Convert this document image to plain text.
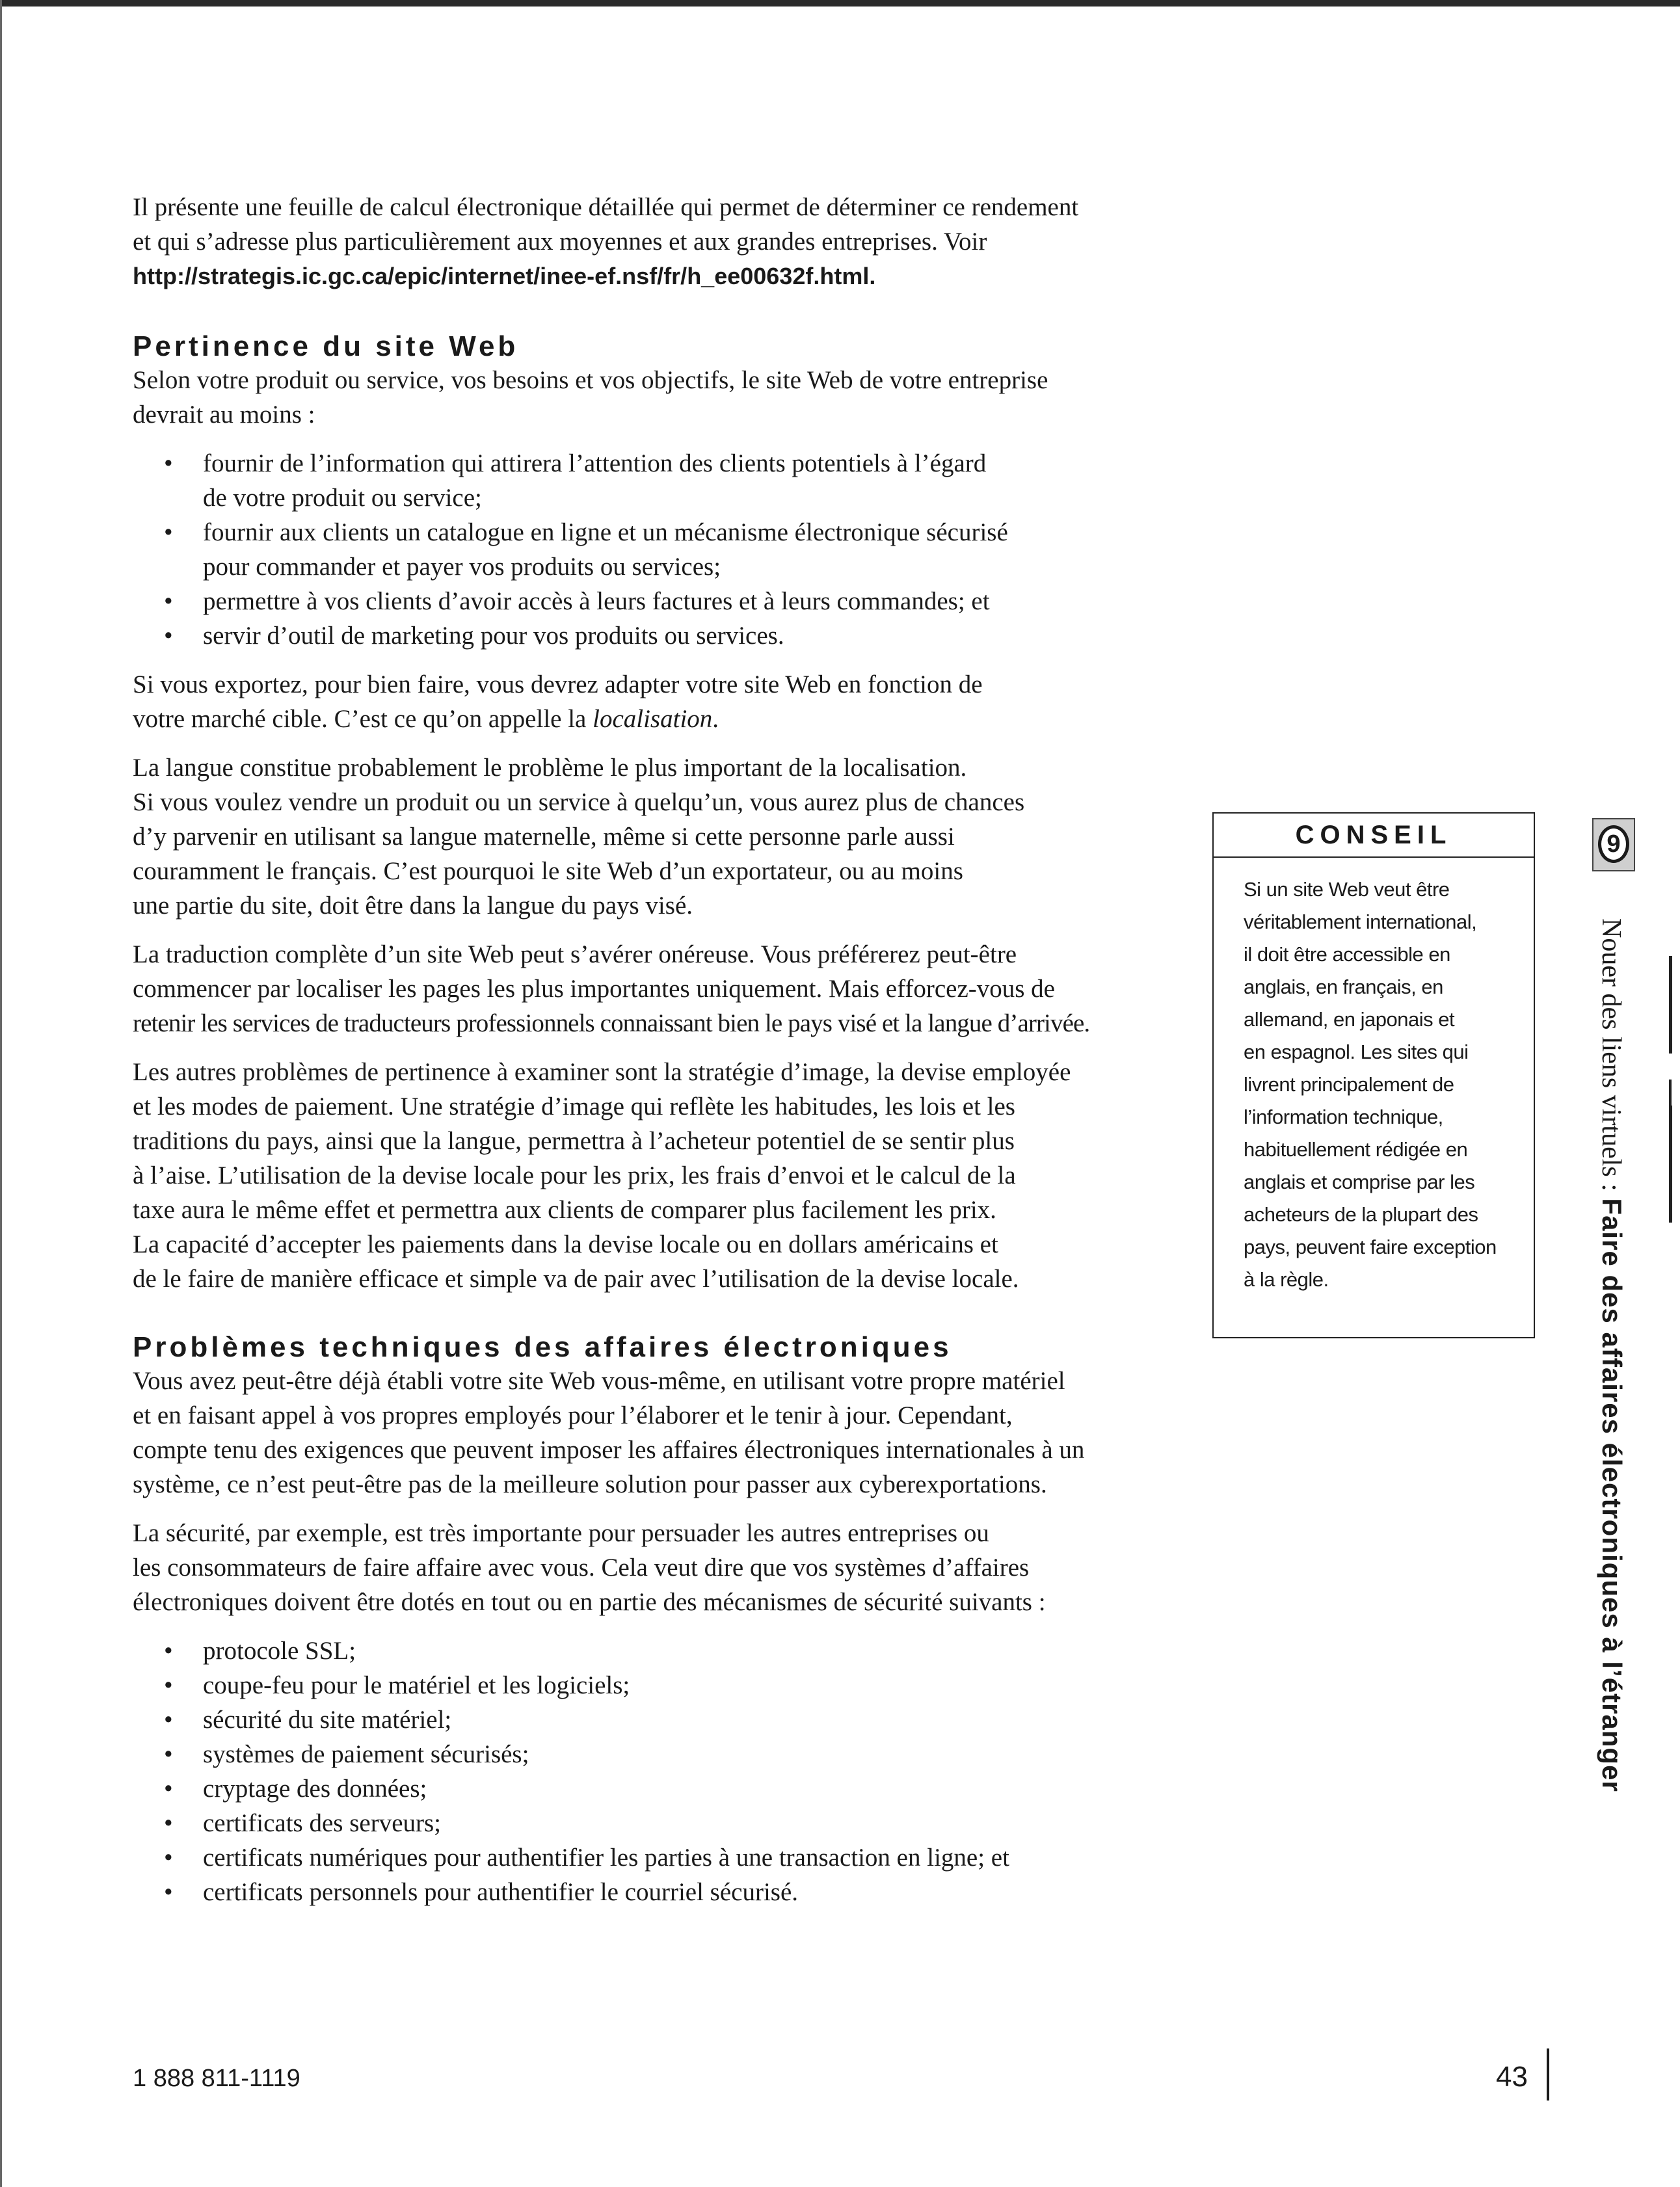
Il présente une feuille de calcul électronique détaillée qui permet de déterminer ce rendement
et qui s’adresse plus particulièrement aux moyennes et aux grandes entreprises. Voir
http://strategis.ic.gc.ca/epic/internet/inee-ef.nsf/fr/h_ee00632f.html.

Pertinence du site Web

Selon votre produit ou service, vos besoins et vos objectifs, le site Web de votre entreprise
devrait au moins :

• fournir de l’information qui attirera l’attention des clients potentiels à l’égard
de votre produit ou service;
• fournir aux clients un catalogue en ligne et un mécanisme électronique sécurisé
pour commander et payer vos produits ou services;
• permettre à vos clients d’avoir accès à leurs factures et à leurs commandes; et
• servir d’outil de marketing pour vos produits ou services.

Si vous exportez, pour bien faire, vous devrez adapter votre site Web en fonction de
votre marché cible. C’est ce qu’on appelle la localisation.

La langue constitue probablement le problème le plus important de la localisation.
Si vous voulez vendre un produit ou un service à quelqu’un, vous aurez plus de chances
d’y parvenir en utilisant sa langue maternelle, même si cette personne parle aussi
couramment le français. C’est pourquoi le site Web d’un exportateur, ou au moins
une partie du site, doit être dans la langue du pays visé.

La traduction complète d’un site Web peut s’avérer onéreuse. Vous préférerez peut-être
commencer par localiser les pages les plus importantes uniquement. Mais efforcez-vous de
retenir les services de traducteurs professionnels connaissant bien le pays visé et la langue d’arrivée.

Les autres problèmes de pertinence à examiner sont la stratégie d’image, la devise employée
et les modes de paiement. Une stratégie d’image qui reflète les habitudes, les lois et les
traditions du pays, ainsi que la langue, permettra à l’acheteur potentiel de se sentir plus
à l’aise. L’utilisation de la devise locale pour les prix, les frais d’envoi et le calcul de la
taxe aura le même effet et permettra aux clients de comparer plus facilement les prix.
La capacité d’accepter les paiements dans la devise locale ou en dollars américains et
de le faire de manière efficace et simple va de pair avec l’utilisation de la devise locale.

Problèmes techniques des affaires électroniques

Vous avez peut-être déjà établi votre site Web vous-même, en utilisant votre propre matériel
et en faisant appel à vos propres employés pour l’élaborer et le tenir à jour. Cependant,
compte tenu des exigences que peuvent imposer les affaires électroniques internationales à un
système, ce n’est peut-être pas de la meilleure solution pour passer aux cyberexportations.

La sécurité, par exemple, est très importante pour persuader les autres entreprises ou
les consommateurs de faire affaire avec vous. Cela veut dire que vos systèmes d’affaires
électroniques doivent être dotés en tout ou en partie des mécanismes de sécurité suivants :

• protocole SSL;
• coupe-feu pour le matériel et les logiciels;
• sécurité du site matériel;
• systèmes de paiement sécurisés;
• cryptage des données;
• certificats des serveurs;
• certificats numériques pour authentifier les parties à une transaction en ligne; et
• certificats personnels pour authentifier le courriel sécurisé.
CONSEIL
Si un site Web veut être
véritablement international,
il doit être accessible en
anglais, en français, en
allemand, en japonais et
en espagnol. Les sites qui
livrent principalement de
l’information technique,
habituellement rédigée en
anglais et comprise par les
acheteurs de la plupart des
pays, peuvent faire exception
à la règle.
9
Nouer des liens virtuels : Faire des affaires électroniques à l’étranger
1 888 811-1119	43
